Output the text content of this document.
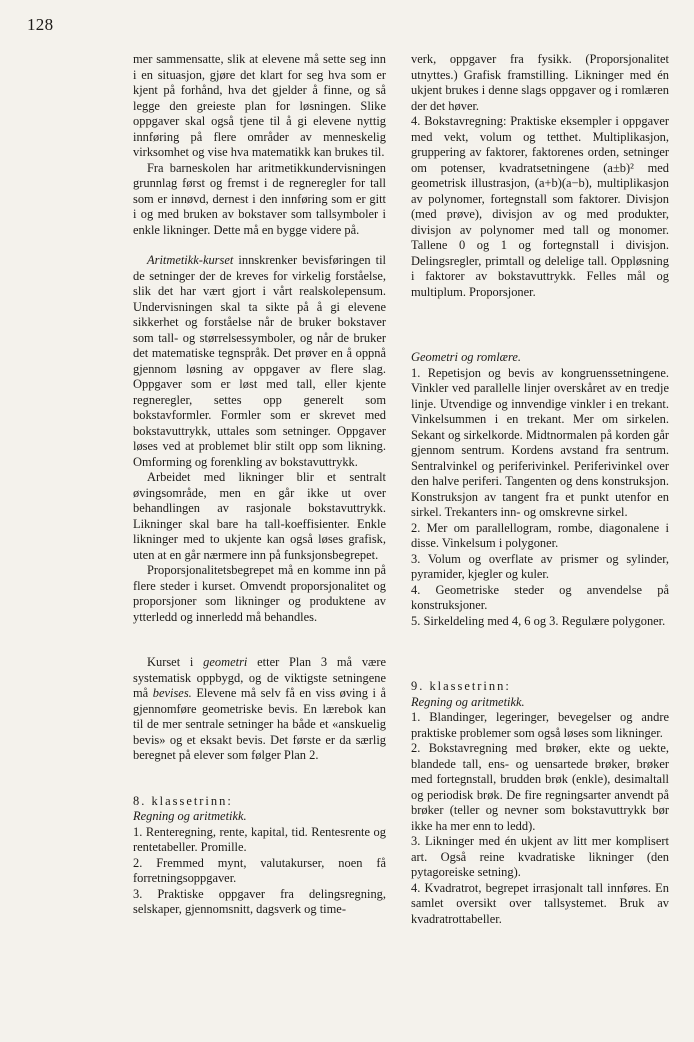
128

mer sammensatte, slik at elevene må sette seg inn i en situasjon, gjøre det klart for seg hva som er kjent på forhånd, hva det gjelder å finne, og så legge den greieste plan for løsningen. Slike oppgaver skal også tjene til å gi elevene nyttig innføring på flere områder av menneskelig virksomhet og vise hva matematikk kan brukes til.

Fra barneskolen har aritmetikkundervisningen grunnlag først og fremst i de regneregler for tall som er innøvd, dernest i den innføring som er gitt i og med bruken av bokstaver som tallsymboler i enkle likninger. Dette må en bygge videre på.

Aritmetikk-kurset innskrenker bevisføringen til de setninger der de kreves for virkelig forståelse, slik det har vært gjort i vårt realskolepensum. Undervisningen skal ta sikte på å gi elevene sikkerhet og forståelse når de bruker bokstaver som tall- og størrelsessymboler, og når de bruker det matematiske tegnspråk. Det prøver en å oppnå gjennom løsning av oppgaver av flere slag. Oppgaver som er løst med tall, eller kjente regneregler, settes opp generelt som bokstavformler. Formler som er skrevet med bokstavuttrykk, uttales som setninger. Oppgaver løses ved at problemet blir stilt opp som likning. Omforming og forenkling av bokstavuttrykk.

Arbeidet med likninger blir et sentralt øvingsområde, men en går ikke ut over behandlingen av rasjonale bokstavuttrykk. Likninger skal bare ha tall-koeffisienter. Enkle likninger med to ukjente kan også løses grafisk, uten at en går nærmere inn på funksjonsbegrepet.

Proporsjonalitetsbegrepet må en komme inn på flere steder i kurset. Omvendt proporsjonalitet og proporsjoner som likninger og produktene av ytterledd og innerledd må behandles.

Kurset i geometri etter Plan 3 må være systematisk oppbygd, og de viktigste setningene må bevises. Elevene må selv få en viss øving i å gjennomføre geometriske bevis. En lærebok kan til de mer sentrale setninger ha både et «anskuelig bevis» og et eksakt bevis. Det første er da særlig beregnet på elever som følger Plan 2.

8. klassetrinn:

Regning og aritmetikk.

1. Renteregning, rente, kapital, tid. Rentesrente og rentetabeller. Promille.

2. Fremmed mynt, valutakurser, noen få forretningsoppgaver.

3. Praktiske oppgaver fra delingsregning, selskaper, gjennomsnitt, dagsverk og time-

verk, oppgaver fra fysikk. (Proporsjonalitet utnyttes.) Grafisk framstilling. Likninger med én ukjent brukes i denne slags oppgaver og i romlæren der det høver.

4. Bokstavregning: Praktiske eksempler i oppgaver med vekt, volum og tetthet. Multiplikasjon, gruppering av faktorer, faktorenes orden, setninger om potenser, kvadratsetningene (a±b)² med geometrisk illustrasjon, (a+b)(a−b), multiplikasjon av polynomer, fortegnstall som faktorer. Divisjon (med prøve), divisjon av og med produkter, divisjon av polynomer med tall og monomer. Tallene 0 og 1 og fortegnstall i divisjon. Delingsregler, primtall og delelige tall. Oppløsning i faktorer av bokstavuttrykk. Felles mål og multiplum. Proporsjoner.

Geometri og romlære.

1. Repetisjon og bevis av kongruenssetningene. Vinkler ved parallelle linjer overskåret av en tredje linje. Utvendige og innvendige vinkler i en trekant. Vinkelsummen i en trekant. Mer om sirkelen. Sekant og sirkelkorde. Midtnormalen på korden går gjennom sentrum. Kordens avstand fra sentrum. Sentralvinkel og periferivinkel. Periferivinkel over den halve periferi. Tangenten og dens konstruksjon. Konstruksjon av tangent fra et punkt utenfor en sirkel. Trekanters inn- og omskrevne sirkel.

2. Mer om parallellogram, rombe, diagonalene i disse. Vinkelsum i polygoner.

3. Volum og overflate av prismer og sylinder, pyramider, kjegler og kuler.

4. Geometriske steder og anvendelse på konstruksjoner.

5. Sirkeldeling med 4, 6 og 3. Regulære polygoner.

9. klassetrinn:

Regning og aritmetikk.

1. Blandinger, legeringer, bevegelser og andre praktiske problemer som også løses som likninger.

2. Bokstavregning med brøker, ekte og uekte, blandede tall, ens- og uensartede brøker, brøker med fortegnstall, brudden brøk (enkle), desimaltall og periodisk brøk. De fire regningsarter anvendt på brøker (teller og nevner som bokstavuttrykk bør ikke ha mer enn to ledd).

3. Likninger med én ukjent av litt mer komplisert art. Også reine kvadratiske likninger (den pytagoreiske setning).

4. Kvadratrot, begrepet irrasjonalt tall innføres. En samlet oversikt over tallsystemet. Bruk av kvadratrottabeller.
